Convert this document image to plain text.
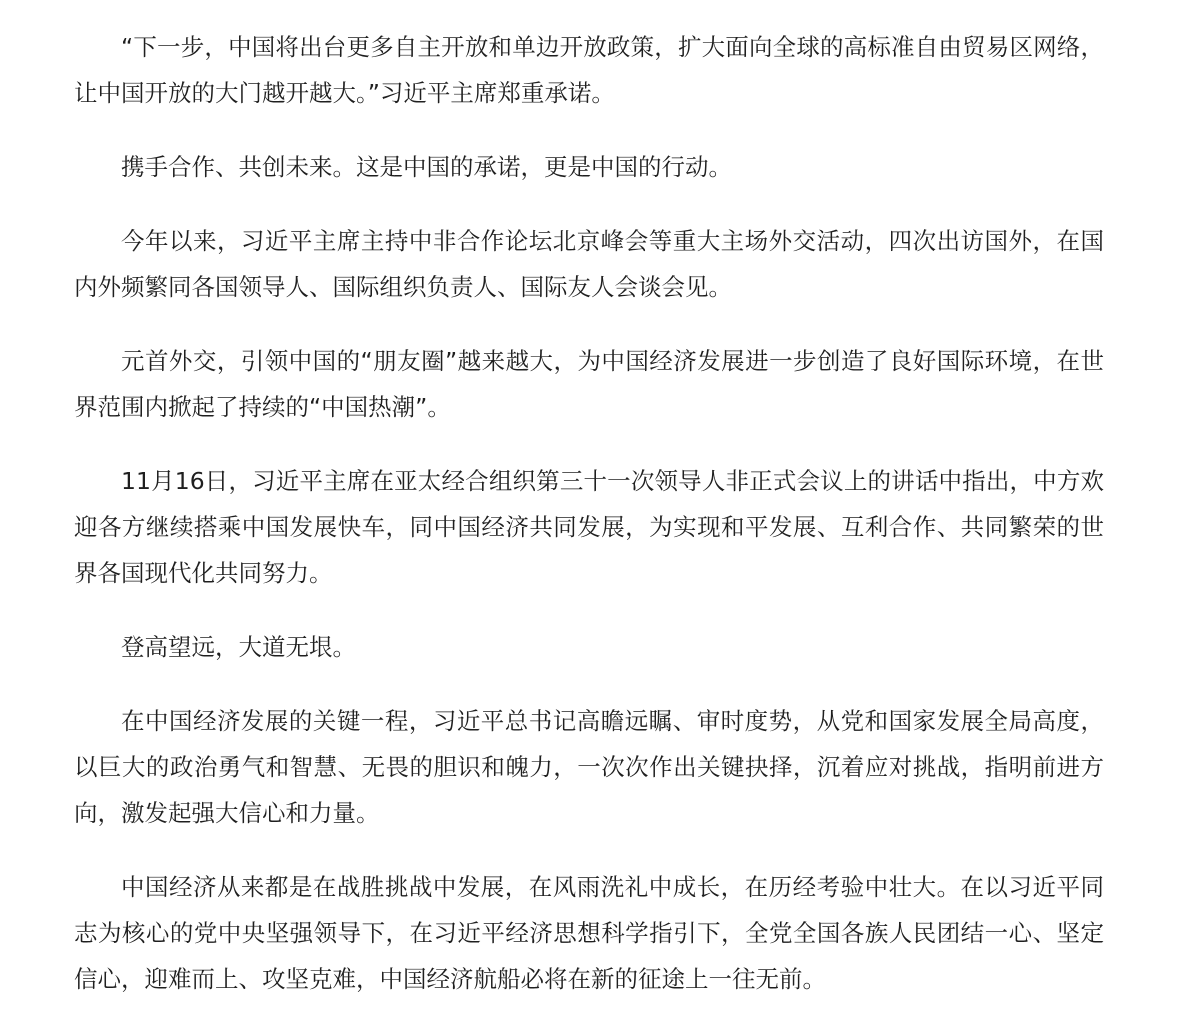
“下一步，中国将出台更多自主开放和单边开放政策，扩大面向全球的高标准自由贸易区网络，让中国开放的大门越开越大。”习近平主席郑重承诺。

携手合作、共创未来。这是中国的承诺，更是中国的行动。

今年以来，习近平主席主持中非合作论坛北京峰会等重大主场外交活动，四次出访国外，在国内外频繁同各国领导人、国际组织负责人、国际友人会谈会见。

元首外交，引领中国的“朋友圈”越来越大，为中国经济发展进一步创造了良好国际环境，在世界范围内掀起了持续的“中国热潮”。

11月16日，习近平主席在亚太经合组织第三十一次领导人非正式会议上的讲话中指出，中方欢迎各方继续搭乘中国发展快车，同中国经济共同发展，为实现和平发展、互利合作、共同繁荣的世界各国现代化共同努力。

登高望远，大道无垠。

在中国经济发展的关键一程，习近平总书记高瞻远瞩、审时度势，从党和国家发展全局高度，以巨大的政治勇气和智慧、无畏的胆识和魄力，一次次作出关键抉择，沉着应对挑战，指明前进方向，激发起强大信心和力量。

中国经济从来都是在战胜挑战中发展，在风雨洗礼中成长，在历经考验中壮大。在以习近平同志为核心的党中央坚强领导下，在习近平经济思想科学指引下，全党全国各族人民团结一心、坚定信心，迎难而上、攻坚克难，中国经济航船必将在新的征途上一往无前。
